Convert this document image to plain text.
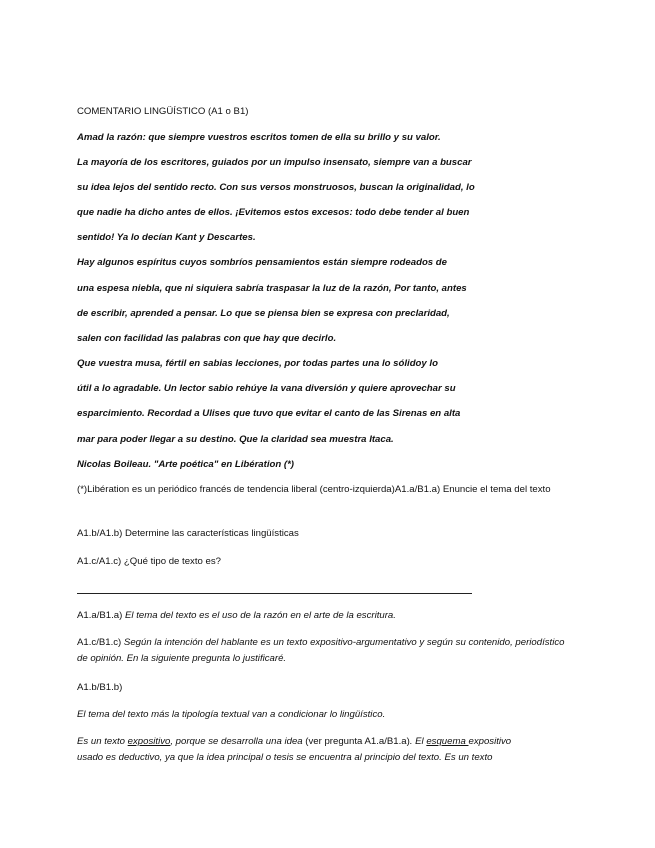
COMENTARIO LINGÜÍSTICO (A1 o B1)
Amad la razón: que siempre vuestros escritos tomen de ella su brillo y su valor.
La mayoría de los escritores, guiados por un impulso insensato, siempre van a buscar
su idea lejos del sentido recto. Con sus versos monstruosos, buscan la originalidad, lo
que nadie ha dicho antes de ellos. ¡Evitemos estos excesos: todo debe tender al buen
sentido! Ya lo decían Kant y Descartes.
Hay algunos espíritus cuyos sombríos pensamientos están siempre rodeados de
una espesa niebla, que ni siquiera sabría traspasar la luz de la razón, Por tanto, antes
de escribir, aprended a pensar. Lo que se piensa bien se expresa con preclaridad,
salen con facilidad las palabras con que hay que decirlo.
Que vuestra musa, fértil en sabias lecciones, por todas partes una lo sólidoy lo
útil a lo agradable. Un lector sabio rehúye la vana diversión y quiere aprovechar su
esparcimiento. Recordad a Ulises que tuvo que evitar el canto de las Sirenas en alta
mar para poder llegar a su destino. Que la claridad sea muestra Itaca.
Nicolas Boileau. "Arte poética" en Libération (*)
(*)Libération es un periódico francés de tendencia liberal (centro-izquierda)A1.a/B1.a) Enuncie el tema del texto
A1.b/A1.b) Determine las características lingüísticas
A1.c/A1.c) ¿Qué tipo de texto es?
A1.a/B1.a) El tema del texto es el uso de la razón en el arte de la escritura.
A1.c/B1.c) Según la intención del hablante es un texto expositivo-argumentativo y según su contenido, periodístico de opinión. En la siguiente pregunta lo justificaré.
A1.b/B1.b)
El tema del texto más la tipología textual van a condicionar lo lingüístico.
Es un texto expositivo, porque se desarrolla una idea (ver pregunta A1.a/B1.a). El esquema expositivo
usado es deductivo, ya que la idea principal o tesis se encuentra al principio del texto. Es un texto
